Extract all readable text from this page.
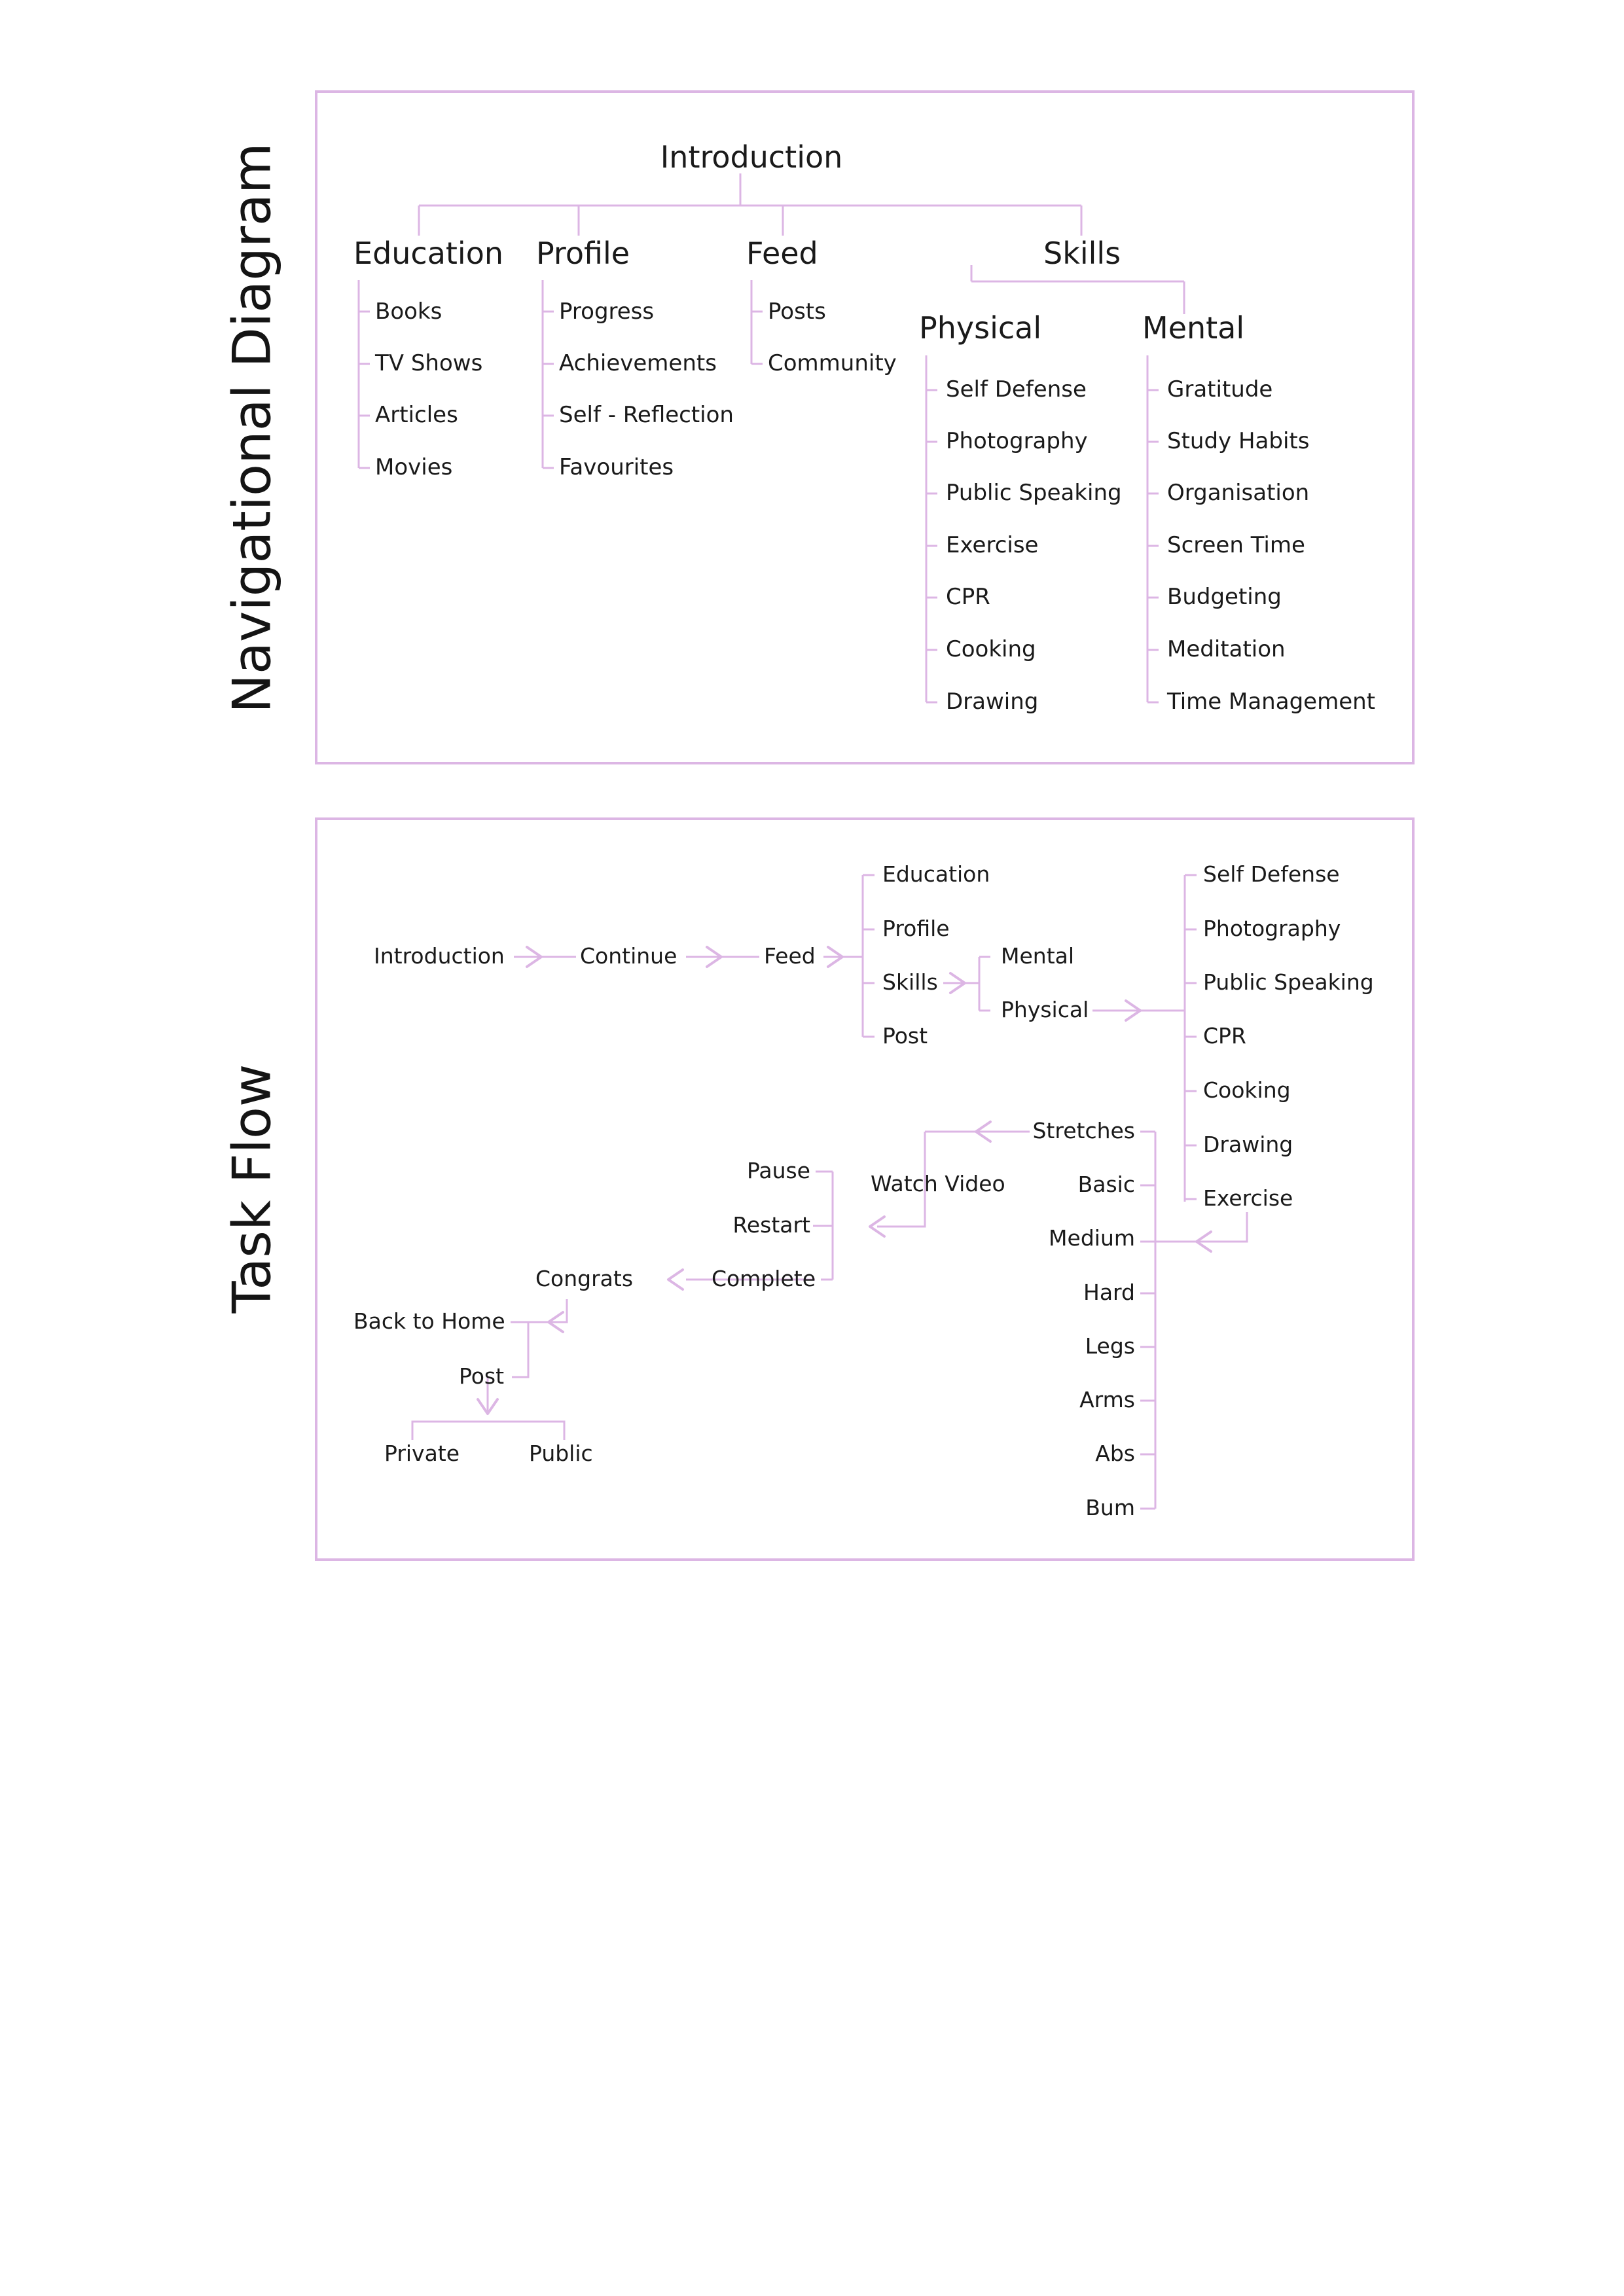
Navigational Diagram	Introduction
Education Profile	Feed	Skills
Physical	Mental
Books
TV Shows
Articles
Movies
Progress
Achievements
Self - Reflection
Favourites
Posts
Community
Self Defense
Photography
Public Speaking
Exercise
CPR
Cooking
Drawing
Gratitude
Study Habits
Organisation
Screen Time
Budgeting
Meditation
Time Management
Task Flow
Introduction	Continue	Feed
Education
Profile
Skills
Post
Mental
Physical
Self Defense
Photography
Public Speaking
CPR
Cooking
Drawing
Exercise
Stretches
Basic
Medium
Hard
Legs
Arms
Abs
Bum
Watch Video
Pause
Restart
Complete
Congrats
Back to Home
Post
Private	Public
